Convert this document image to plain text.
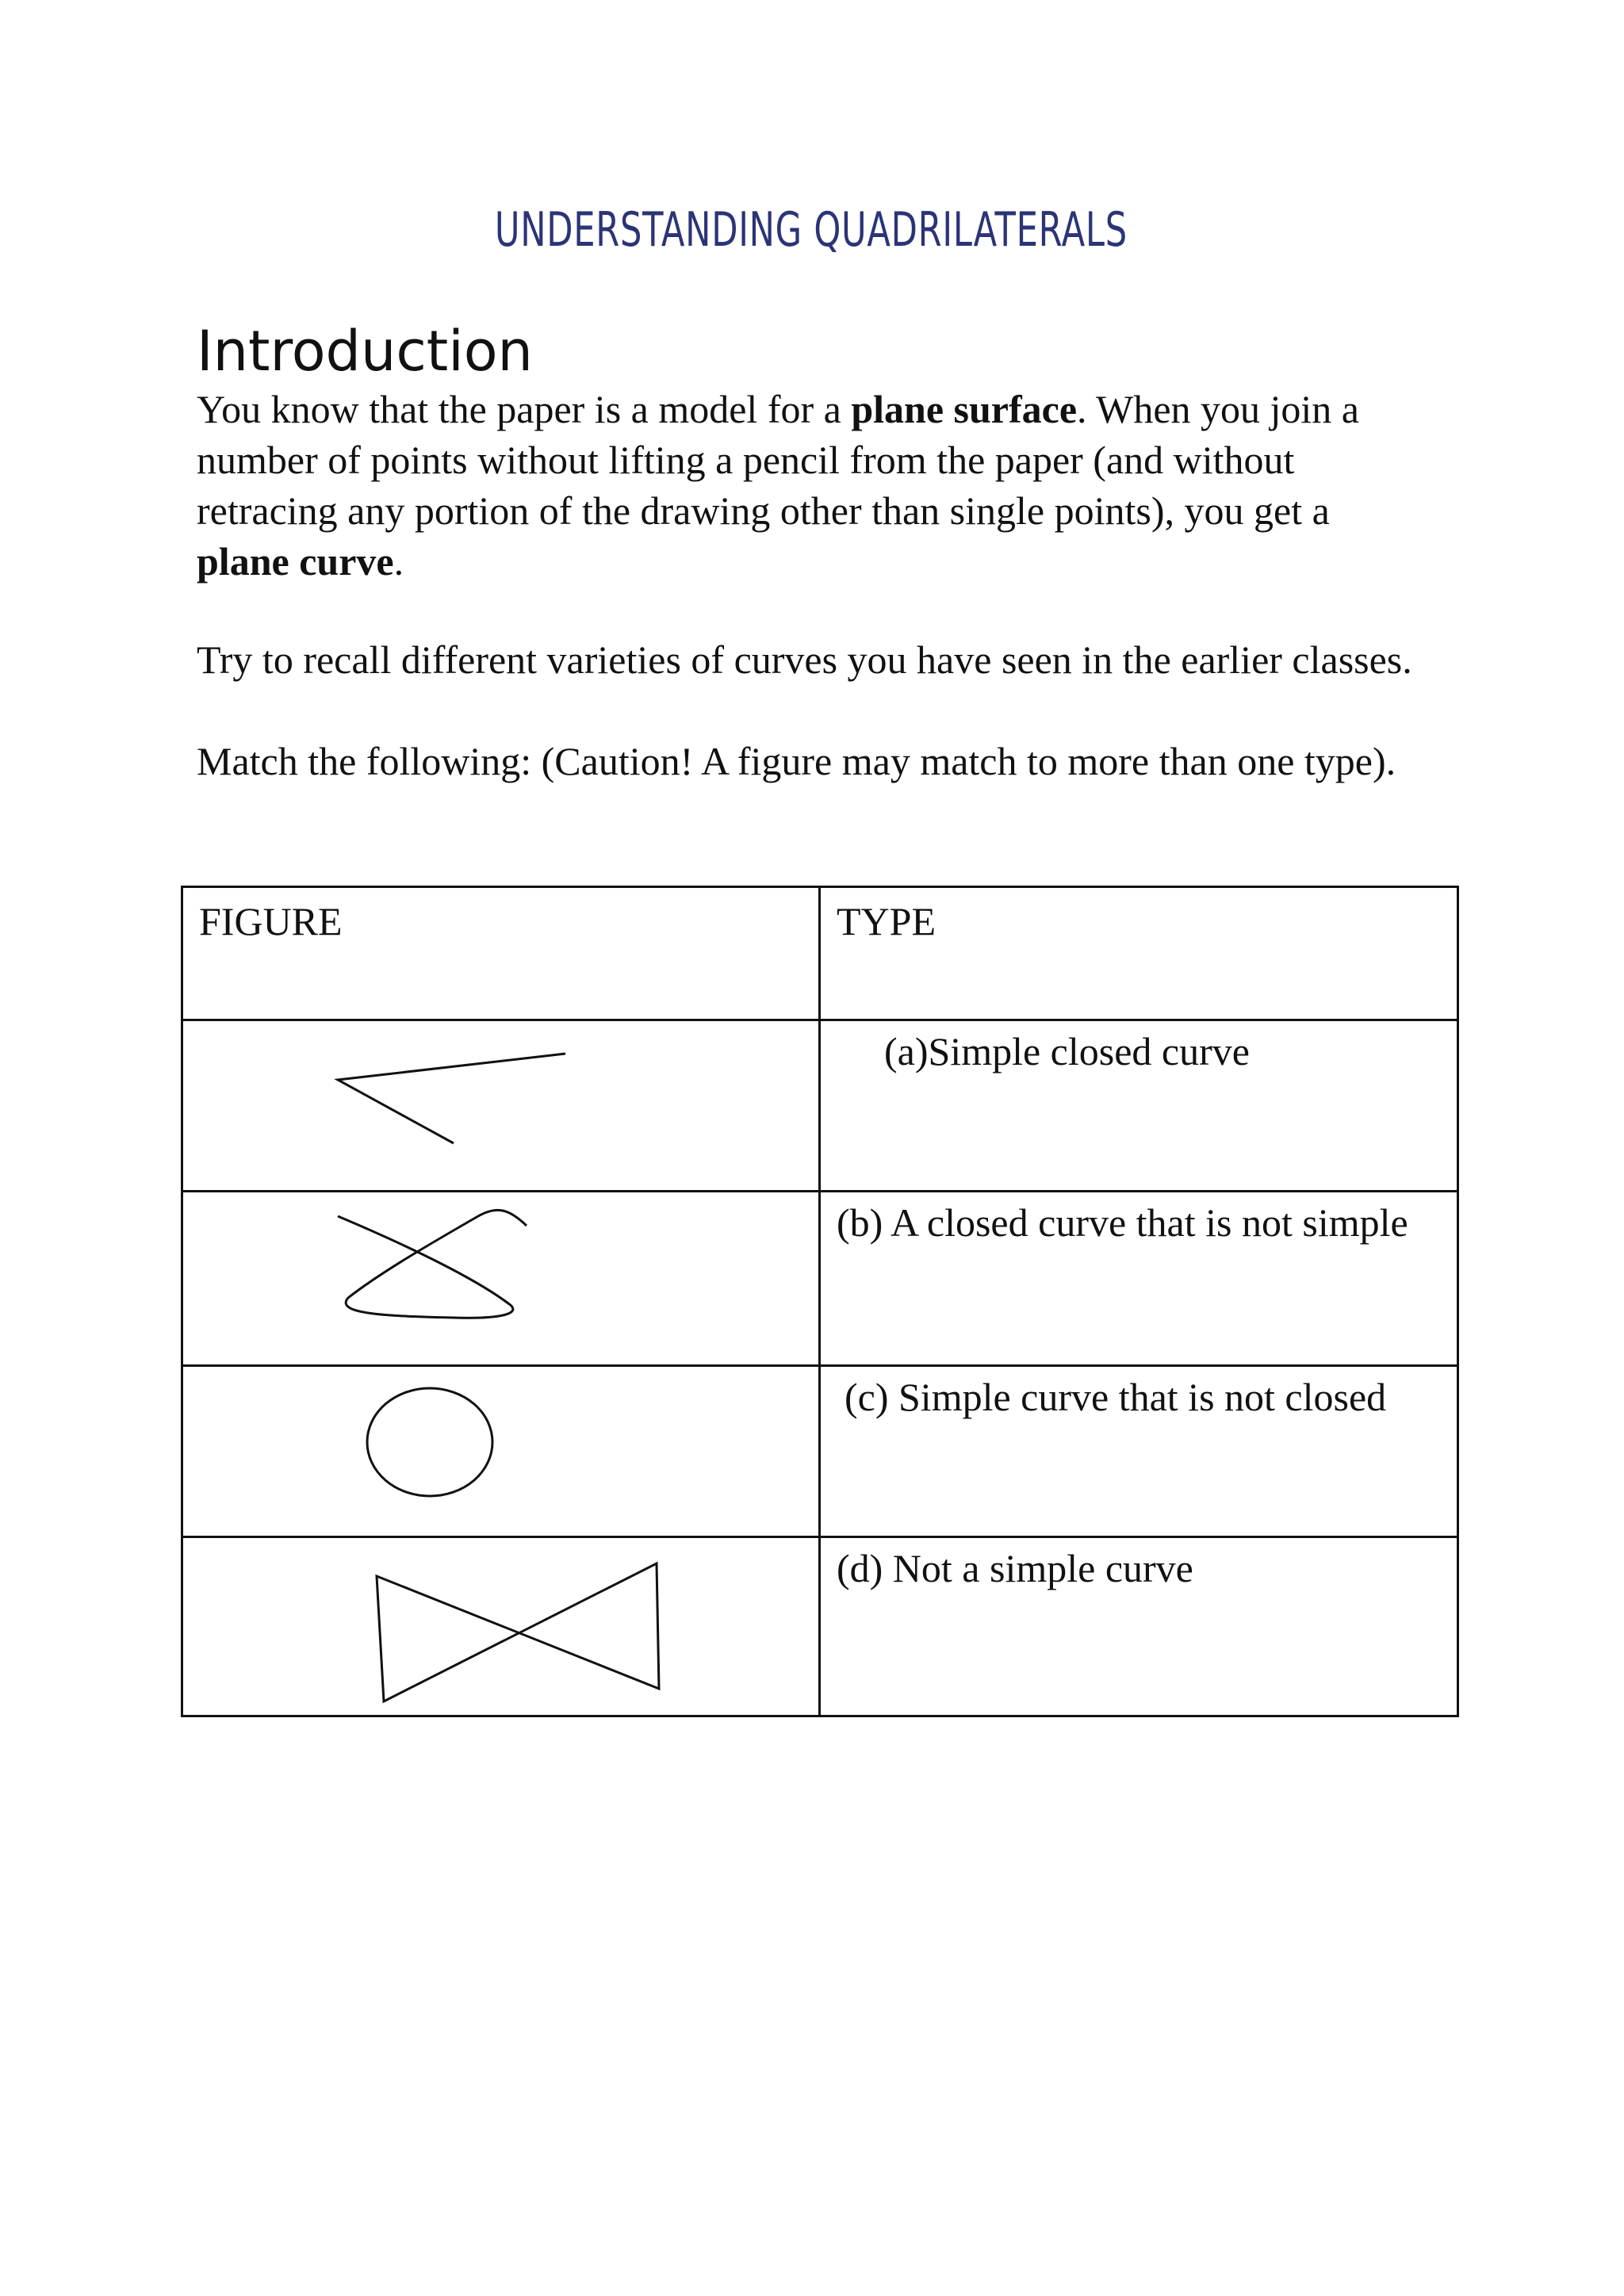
UNDERSTANDING QUADRILATERALS
Introduction

You know that the paper is a model for a plane surface. When you join a number of points without lifting a pencil from the paper (and without retracing any portion of the drawing other than single points), you get a plane curve.

Try to recall different varieties of curves you have seen in the earlier classes.

Match the following: (Caution! A figure may match to more than one type).

FIGURE	TYPE

	(a)Simple closed curve

	(b) A closed curve that is not simple

	(c) Simple curve that is not closed

	(d) Not a simple curve
